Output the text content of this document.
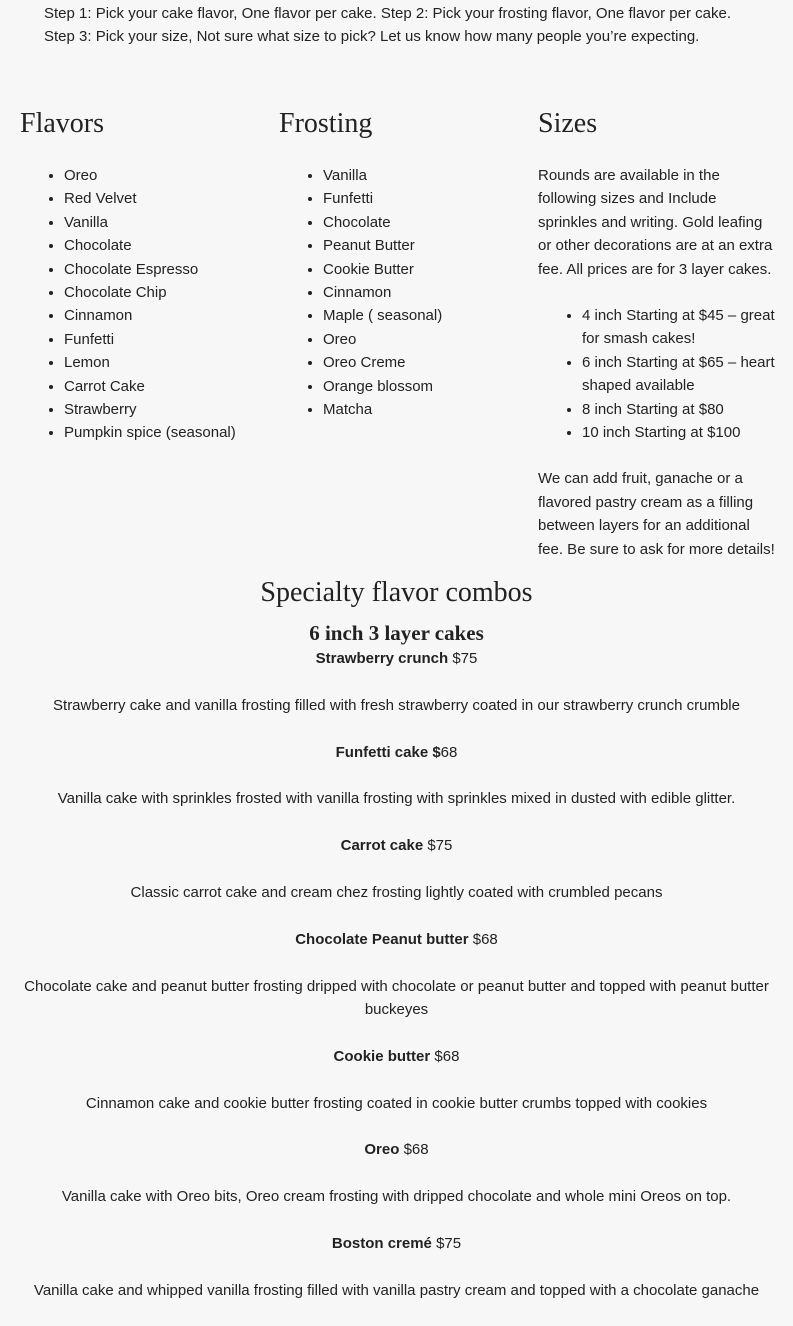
Step 1: Pick your cake flavor, One flavor per cake. Step 2: Pick your frosting flavor, One flavor per cake. Step 3: Pick your size, Not sure what size to pick? Let us know how many people you’re expecting.

Flavors
• Oreo
• Red Velvet
• Vanilla
• Chocolate
• Chocolate Espresso
• Chocolate Chip
• Cinnamon
• Funfetti
• Lemon
• Carrot Cake
• Strawberry
• Pumpkin spice (seasonal)
Frosting
• Vanilla
• Funfetti
• Chocolate
• Peanut Butter
• Cookie Butter
• Cinnamon
• Maple ( seasonal)
• Oreo
• Oreo Creme
• Orange blossom
• Matcha
Sizes

Rounds are available in the following sizes and Include sprinkles and writing. Gold leafing or other decorations are at an extra fee. All prices are for 3 layer cakes.

• 4 inch Starting at $45 – great for smash cakes!
• 6 inch Starting at $65 – heart shaped available
• 8 inch Starting at $80
• 10 inch Starting at $100

We can add fruit, ganache or a flavored pastry cream as a filling between layers for an additional fee. Be sure to ask for more details!

Specialty flavor combos
6 inch 3 layer cakes

Strawberry crunch $75

Strawberry cake and vanilla frosting filled with fresh strawberry coated in our strawberry crunch crumble

Funfetti cake $68

Vanilla cake with sprinkles frosted with vanilla frosting with sprinkles mixed in dusted with edible glitter.

Carrot cake $75

Classic carrot cake and cream chez frosting lightly coated with crumbled pecans

Chocolate Peanut butter $68

Chocolate cake and peanut butter frosting dripped with chocolate or peanut butter and topped with peanut butter buckeyes

Cookie butter $68

Cinnamon cake and cookie butter frosting coated in cookie butter crumbs topped with cookies

Oreo $68

Vanilla cake with Oreo bits, Oreo cream frosting with dripped chocolate and whole mini Oreos on top.

Boston cremé $75

Vanilla cake and whipped vanilla frosting filled with vanilla pastry cream and topped with a chocolate ganache
